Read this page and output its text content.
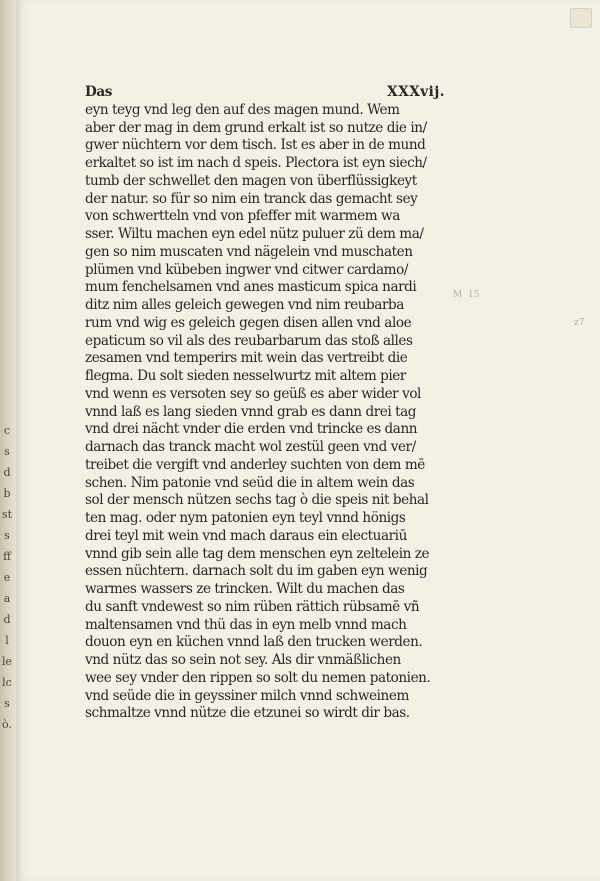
c
s
d
b
st
s
ff
e
a
d
l
le
lc
s
ò.
Das	XXXvij.
eyn teyg vnd leg den auf des magen mund. Wem
aber der mag in dem grund erkalt ist so nutze die in/
gwer nüchtern vor dem tisch. Ist es aber in de mund
erkaltet so ist im nach d speis. Plectora ist eyn siech/
tumb der schwellet den magen von überflüssigkeyt
der natur. so für so nim ein tranck das gemacht sey
von schwertteln vnd von pfeffer mit warmem wa
sser. Wiltu machen eyn edel nütz puluer zü dem ma/
gen so nim muscaten vnd nägelein vnd muschaten
plümen vnd kübeben ingwer vnd citwer cardamo/
mum fenchelsamen vnd anes masticum spica nardi
ditz nim alles geleich gewegen vnd nim reubarba
rum vnd wig es geleich gegen disen allen vnd aloe
epaticum so vil als des reubarbarum das stoß alles
zesamen vnd temperirs mit wein das vertreibt die
flegma. Du solt sieden nesselwurtz mit altem pier
vnd wenn es versoten sey so geüß es aber wider vol
vnnd laß es lang sieden vnnd grab es dann drei tag
vnd drei nächt vnder die erden vnd trincke es dann
darnach das tranck macht wol zestül geen vnd ver/
treibet die vergift vnd anderley suchten von dem mē
schen. Nim patonie vnd seüd die in altem wein das
sol der mensch nützen sechs tag ò die speis nit behal
ten mag. oder nym patonien eyn teyl vnnd hönigs
drei teyl mit wein vnd mach daraus ein electuariū
vnnd gib sein alle tag dem menschen eyn zeltelein ze
essen nüchtern. darnach solt du im gaben eyn wenig
warmes wassers ze trincken. Wilt du machen das
du sanft vndewest so nim rüben rättich rübsamē vñ
maltensamen vnd thü das in eyn melb vnnd mach
douon eyn en küchen vnnd laß den trucken werden.
vnd nütz das so sein not sey. Als dir vnmäßlichen
wee sey vnder den rippen so solt du nemen patonien.
vnd seüde die in geyssiner milch vnnd schweinem
schmaltze vnnd nütze die etzunei so wirdt dir bas.
M 15
z7
